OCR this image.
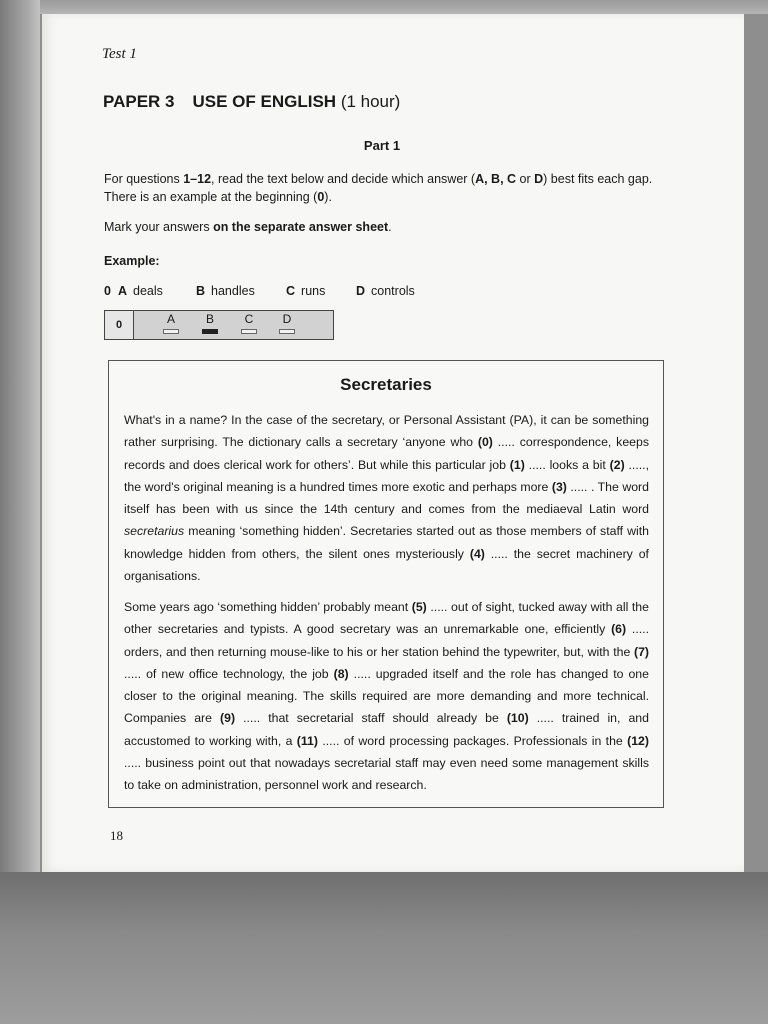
Test 1
PAPER 3 USE OF ENGLISH (1 hour)
Part 1
For questions 1–12, read the text below and decide which answer (A, B, C or D) best fits each gap.
There is an example at the beginning (0).
Mark your answers on the separate answer sheet.
Example:
0 A deals	B handles C runs D controls
0	A	B	C	D
Secretaries
What's in a name? In the case of the secretary, or Personal Assistant (PA), it can be something rather surprising. The dictionary calls a secretary ‘anyone who (0) ..... correspondence, keeps records and does clerical work for others’. But while this particular job (1) ..... looks a bit (2) ....., the word's original meaning is a hundred times more exotic and perhaps more (3) ..... . The word itself has been with us since the 14th century and comes from the mediaeval Latin word secretarius meaning ‘something hidden’. Secretaries started out as those members of staff with knowledge hidden from others, the silent ones mysteriously (4) ..... the secret machinery of organisations.
Some years ago ‘something hidden’ probably meant (5) ..... out of sight, tucked away with all the other secretaries and typists. A good secretary was an unremarkable one, efficiently (6) ..... orders, and then returning mouse-like to his or her station behind the typewriter, but, with the (7) ..... of new office technology, the job (8) ..... upgraded itself and the role has changed to one closer to the original meaning. The skills required are more demanding and more technical. Companies are (9) ..... that secretarial staff should already be (10) ..... trained in, and accustomed to working with, a (11) ..... of word processing packages. Professionals in the (12) ..... business point out that nowadays secretarial staff may even need some management skills to take on administration, personnel work and research.
18
